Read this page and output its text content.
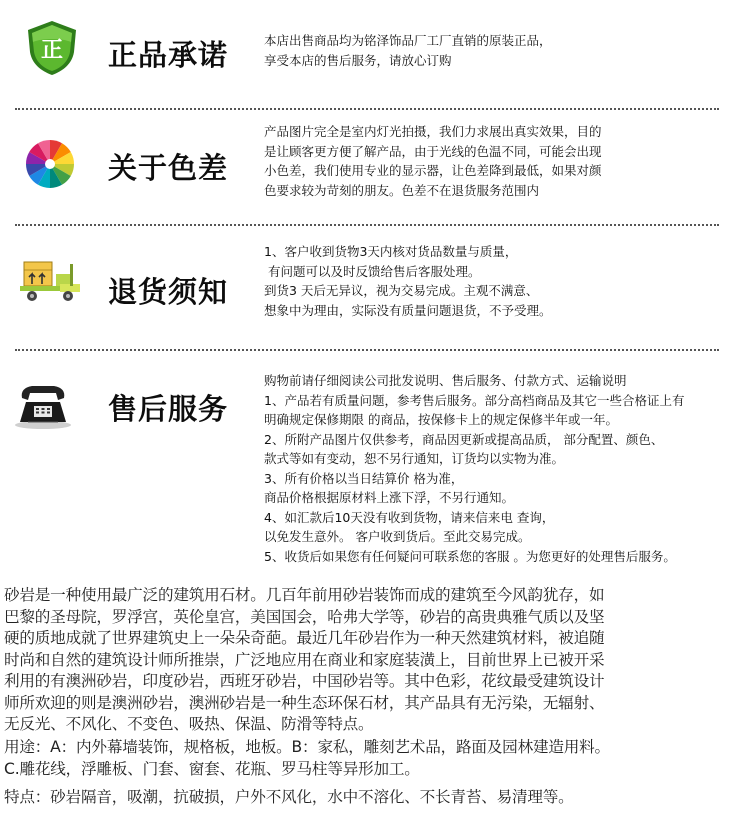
正 正品承诺	本店出售商品均为铭泽饰品厂工厂直销的原装正品，
享受本店的售后服务，请放心订购
关于色差
产品图片完全是室内灯光拍摄，我们力求展出真实效果，目的
是让顾客更方便了解产品，由于光线的色温不同，可能会出现
小色差，我们使用专业的显示器，让色差降到最低，如果对颜
色要求较为苛刻的朋友。色差不在退货服务范围内
退货须知
1、客户收到货物3天内核对货品数量与质量，
有问题可以及时反馈给售后客服处理。
到货3 天后无异议，视为交易完成。主观不满意、
想象中为理由，实际没有质量问题退货，不予受理。
售后服务
购物前请仔细阅读公司批发说明、售后服务、付款方式、运输说明
1、产品若有质量问题，参考售后服务。部分高档商品及其它一些合格证上有
明确规定保修期限 的商品，按保修卡上的规定保修半年或一年。
2、所附产品图片仅供参考，商品因更新或提高品质， 部分配置、颜色、
款式等如有变动，恕不另行通知，订货均以实物为准。
3、所有价格以当日结算价 格为准，
商品价格根据原材料上涨下浮，不另行通知。
4、如汇款后10天没有收到货物，请来信来电 查询，
以免发生意外。 客户收到货后。至此交易完成。
5、收货后如果您有任何疑问可联系您的客服 。为您更好的处理售后服务。
砂岩是一种使用最广泛的建筑用石材。几百年前用砂岩装饰而成的建筑至今风韵犹存，如
巴黎的圣母院，罗浮宫，英伦皇宫，美国国会，哈弗大学等，砂岩的高贵典雅气质以及坚
硬的质地成就了世界建筑史上一朵朵奇葩。最近几年砂岩作为一种天然建筑材料，被追随
时尚和自然的建筑设计师所推崇，广泛地应用在商业和家庭装潢上，目前世界上已被开采
利用的有澳洲砂岩，印度砂岩，西班牙砂岩，中国砂岩等。其中色彩，花纹最受建筑设计
师所欢迎的则是澳洲砂岩，澳洲砂岩是一种生态环保石材，其产品具有无污染，无辐射、
无反光、不风化、不变色、吸热、保温、防滑等特点。
用途：A：内外幕墙装饰，规格板，地板。B：家私，雕刻艺术品，路面及园林建造用料。
C.雕花线，浮雕板、门套、窗套、花瓶、罗马柱等异形加工。
特点：砂岩隔音，吸潮，抗破损，户外不风化，水中不溶化、不长青苔、易清理等。
